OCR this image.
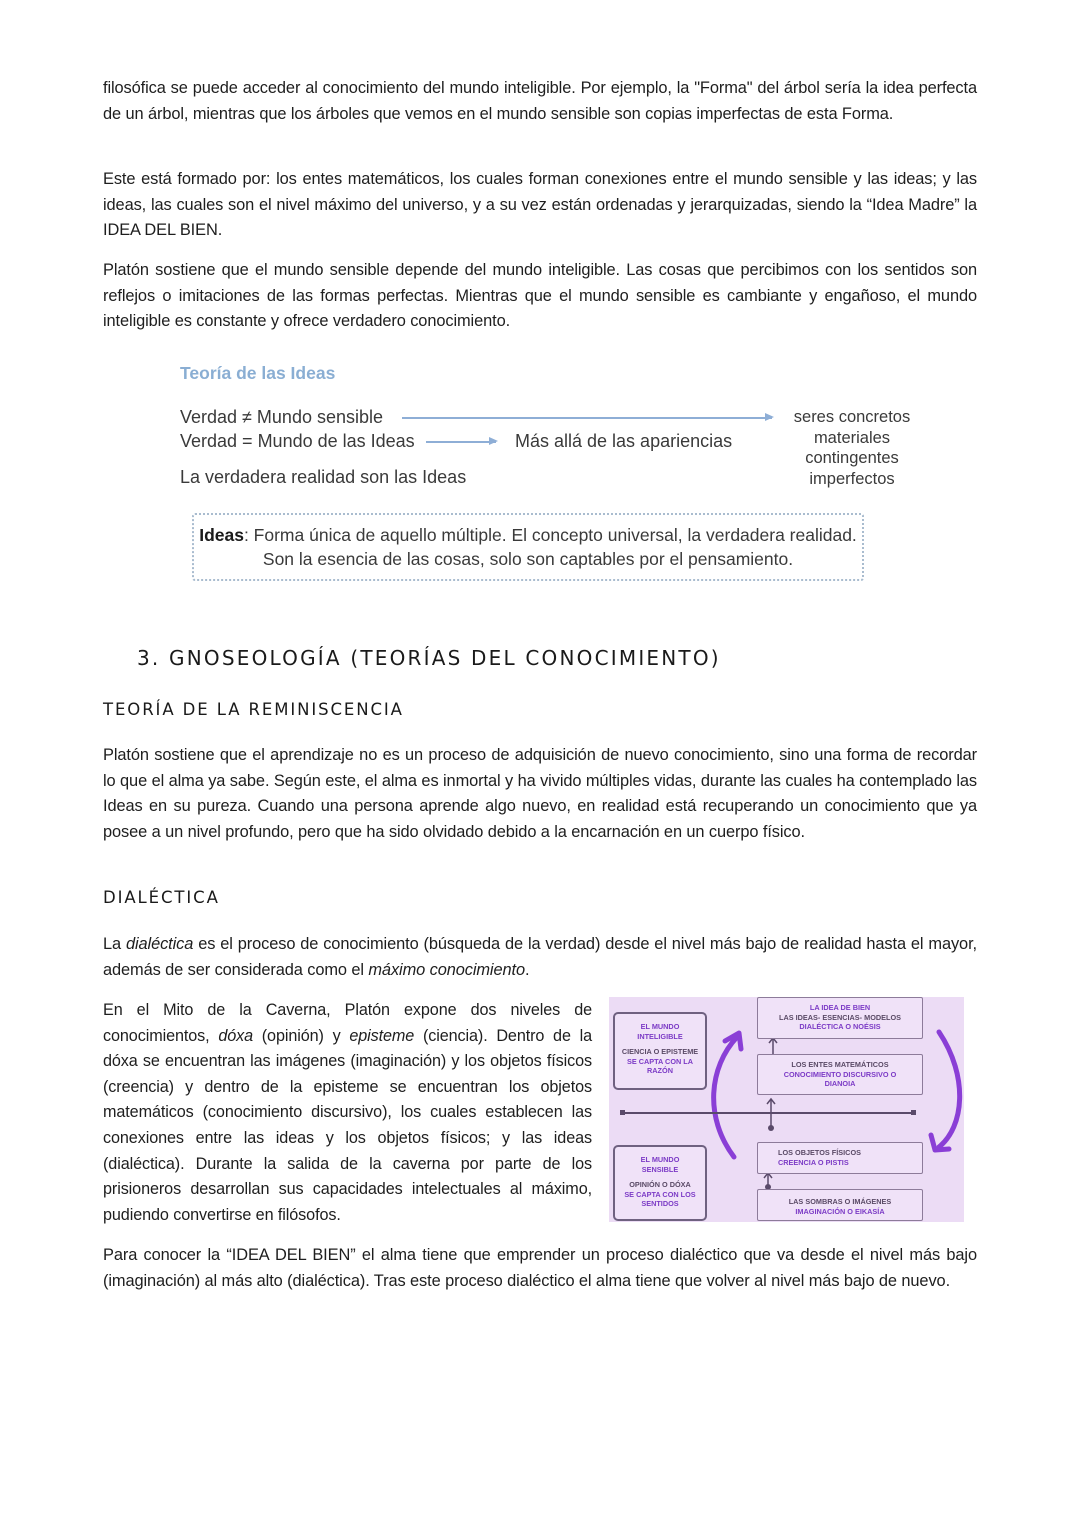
filosófica se puede acceder al conocimiento del mundo inteligible. Por ejemplo, la "Forma" del árbol sería la idea perfecta de un árbol, mientras que los árboles que vemos en el mundo sensible son copias imperfectas de esta Forma.

Este está formado por: los entes matemáticos, los cuales forman conexiones entre el mundo sensible y las ideas; y las ideas, las cuales son el nivel máximo del universo, y a su vez están ordenadas y jerarquizadas, siendo la “Idea Madre” la IDEA DEL BIEN.

Platón sostiene que el mundo sensible depende del mundo inteligible. Las cosas que percibimos con los sentidos son reflejos o imitaciones de las formas perfectas. Mientras que el mundo sensible es cambiante y engañoso, el mundo inteligible es constante y ofrece verdadero conocimiento.

Teoría de las Ideas
Verdad ≠ Mundo sensible
Verdad = Mundo de las Ideas	Más allá de las apariencias
La verdadera realidad son las Ideas
seres concretos
materiales
contingentes
imperfectos
Ideas: Forma única de aquello múltiple. El concepto universal, la verdadera realidad. Son la esencia de las cosas, solo son captables por el pensamiento.
3. GNOSEOLOGÍA (TEORÍAS DEL CONOCIMIENTO)
TEORÍA DE LA REMINISCENCIA

Platón sostiene que el aprendizaje no es un proceso de adquisición de nuevo conocimiento, sino una forma de recordar lo que el alma ya sabe. Según este, el alma es inmortal y ha vivido múltiples vidas, durante las cuales ha contemplado las Ideas en su pureza. Cuando una persona aprende algo nuevo, en realidad está recuperando un conocimiento que ya posee a un nivel profundo, pero que ha sido olvidado debido a la encarnación en un cuerpo físico.

DIALÉCTICA

La dialéctica es el proceso de conocimiento (búsqueda de la verdad) desde el nivel más bajo de realidad hasta el mayor, además de ser considerada como el máximo conocimiento.

En el Mito de la Caverna, Platón expone dos niveles de conocimientos, dóxa (opinión) y episteme (ciencia). Dentro de la dóxa se encuentran las imágenes (imaginación) y los objetos físicos (creencia) y dentro de la episteme se encuentran los objetos matemáticos (conocimiento discursivo), los cuales establecen las conexiones entre las ideas y los objetos físicos; y las ideas (dialéctica). Durante la salida de la caverna por parte de los prisioneros desarrollan sus capacidades intelectuales al máximo, pudiendo convertirse en filósofos.

EL MUNDO
INTELIGIBLE
CIENCIA O EPISTEME
SE CAPTA CON LA
RAZÓN
EL MUNDO
SENSIBLE
OPINIÓN O DÓXA
SE CAPTA CON LOS
SENTIDOS
LA IDEA DE BIEN
LAS IDEAS- ESENCIAS- MODELOS
DIALÉCTICA O NOÉSIS
LOS ENTES MATEMÁTICOS
CONOCIMIENTO DISCURSIVO O
DIANOIA
LOS OBJETOS FÍSICOS
CREENCIA O PISTIS
LAS SOMBRAS O IMÁGENES
IMAGINACIÓN O EIKASÍA

Para conocer la “IDEA DEL BIEN” el alma tiene que emprender un proceso dialéctico que va desde el nivel más bajo (imaginación) al más alto (dialéctica). Tras este proceso dialéctico el alma tiene que volver al nivel más bajo de nuevo.
